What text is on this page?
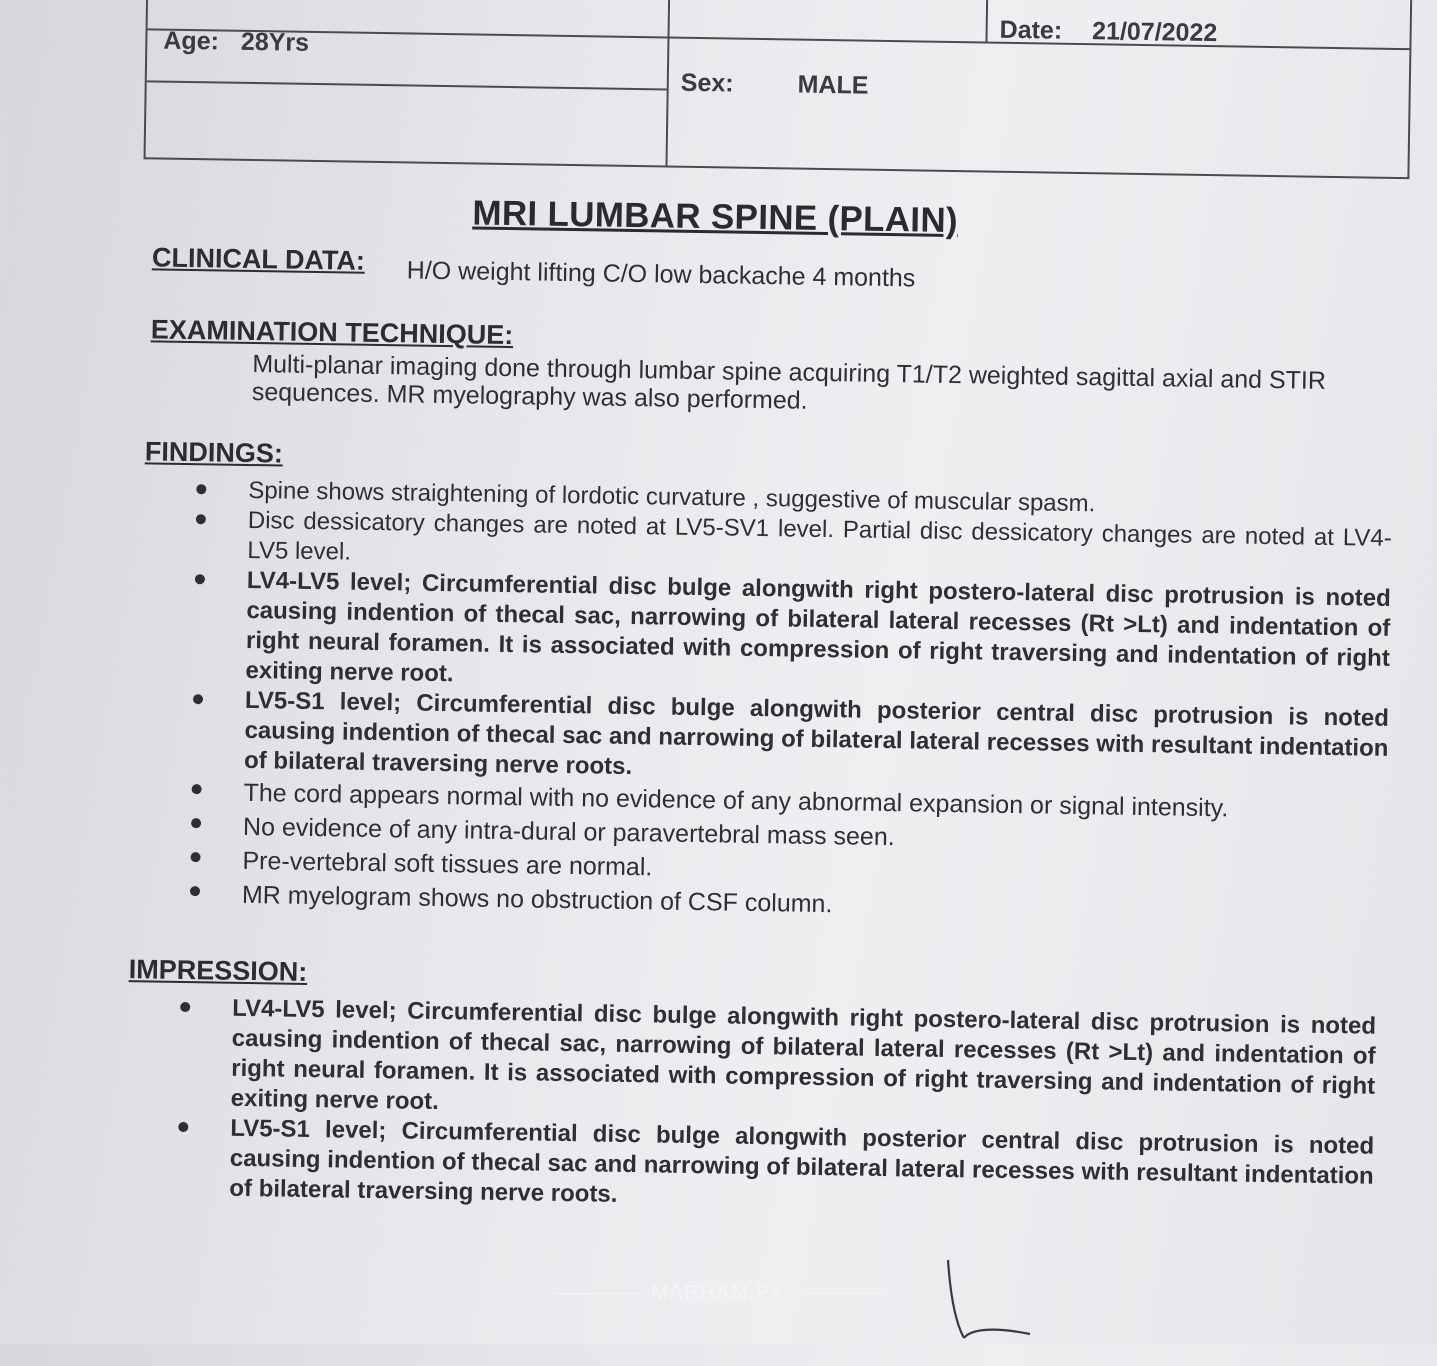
Age: 28Yrs
Sex:	MALE
Date: 21/07/2022
MRI LUMBAR SPINE (PLAIN)
CLINICAL DATA: H/O weight lifting C/O low backache 4 months
EXAMINATION TECHNIQUE:
Multi-planar imaging done through lumbar spine acquiring T1/T2 weighted sagittal axial and STIR sequences. MR myelography was also performed.
FINDINGS:
Spine shows straightening of lordotic curvature , suggestive of muscular spasm.
Disc dessicatory changes are noted at LV5-SV1 level. Partial disc dessicatory changes are noted at LV4-LV5 level.
LV4-LV5 level; Circumferential disc bulge alongwith right postero-lateral disc protrusion is noted causing indention of thecal sac, narrowing of bilateral lateral recesses (Rt >Lt) and indentation of right neural foramen. It is associated with compression of right traversing and indentation of right exiting nerve root.
LV5-S1 level; Circumferential disc bulge alongwith posterior central disc protrusion is noted causing indention of thecal sac and narrowing of bilateral lateral recesses with resultant indentation of bilateral traversing nerve roots.
The cord appears normal with no evidence of any abnormal expansion or signal intensity.
No evidence of any intra-dural or paravertebral mass seen.
Pre-vertebral soft tissues are normal.
MR myelogram shows no obstruction of CSF column.
IMPRESSION:
LV4-LV5 level; Circumferential disc bulge alongwith right postero-lateral disc protrusion is noted causing indention of thecal sac, narrowing of bilateral lateral recesses (Rt >Lt) and indentation of right neural foramen. It is associated with compression of right traversing and indentation of right exiting nerve root.
LV5-S1 level; Circumferential disc bulge alongwith posterior central disc protrusion is noted causing indention of thecal sac and narrowing of bilateral lateral recesses with resultant indentation of bilateral traversing nerve roots.
MARHAM.PK
